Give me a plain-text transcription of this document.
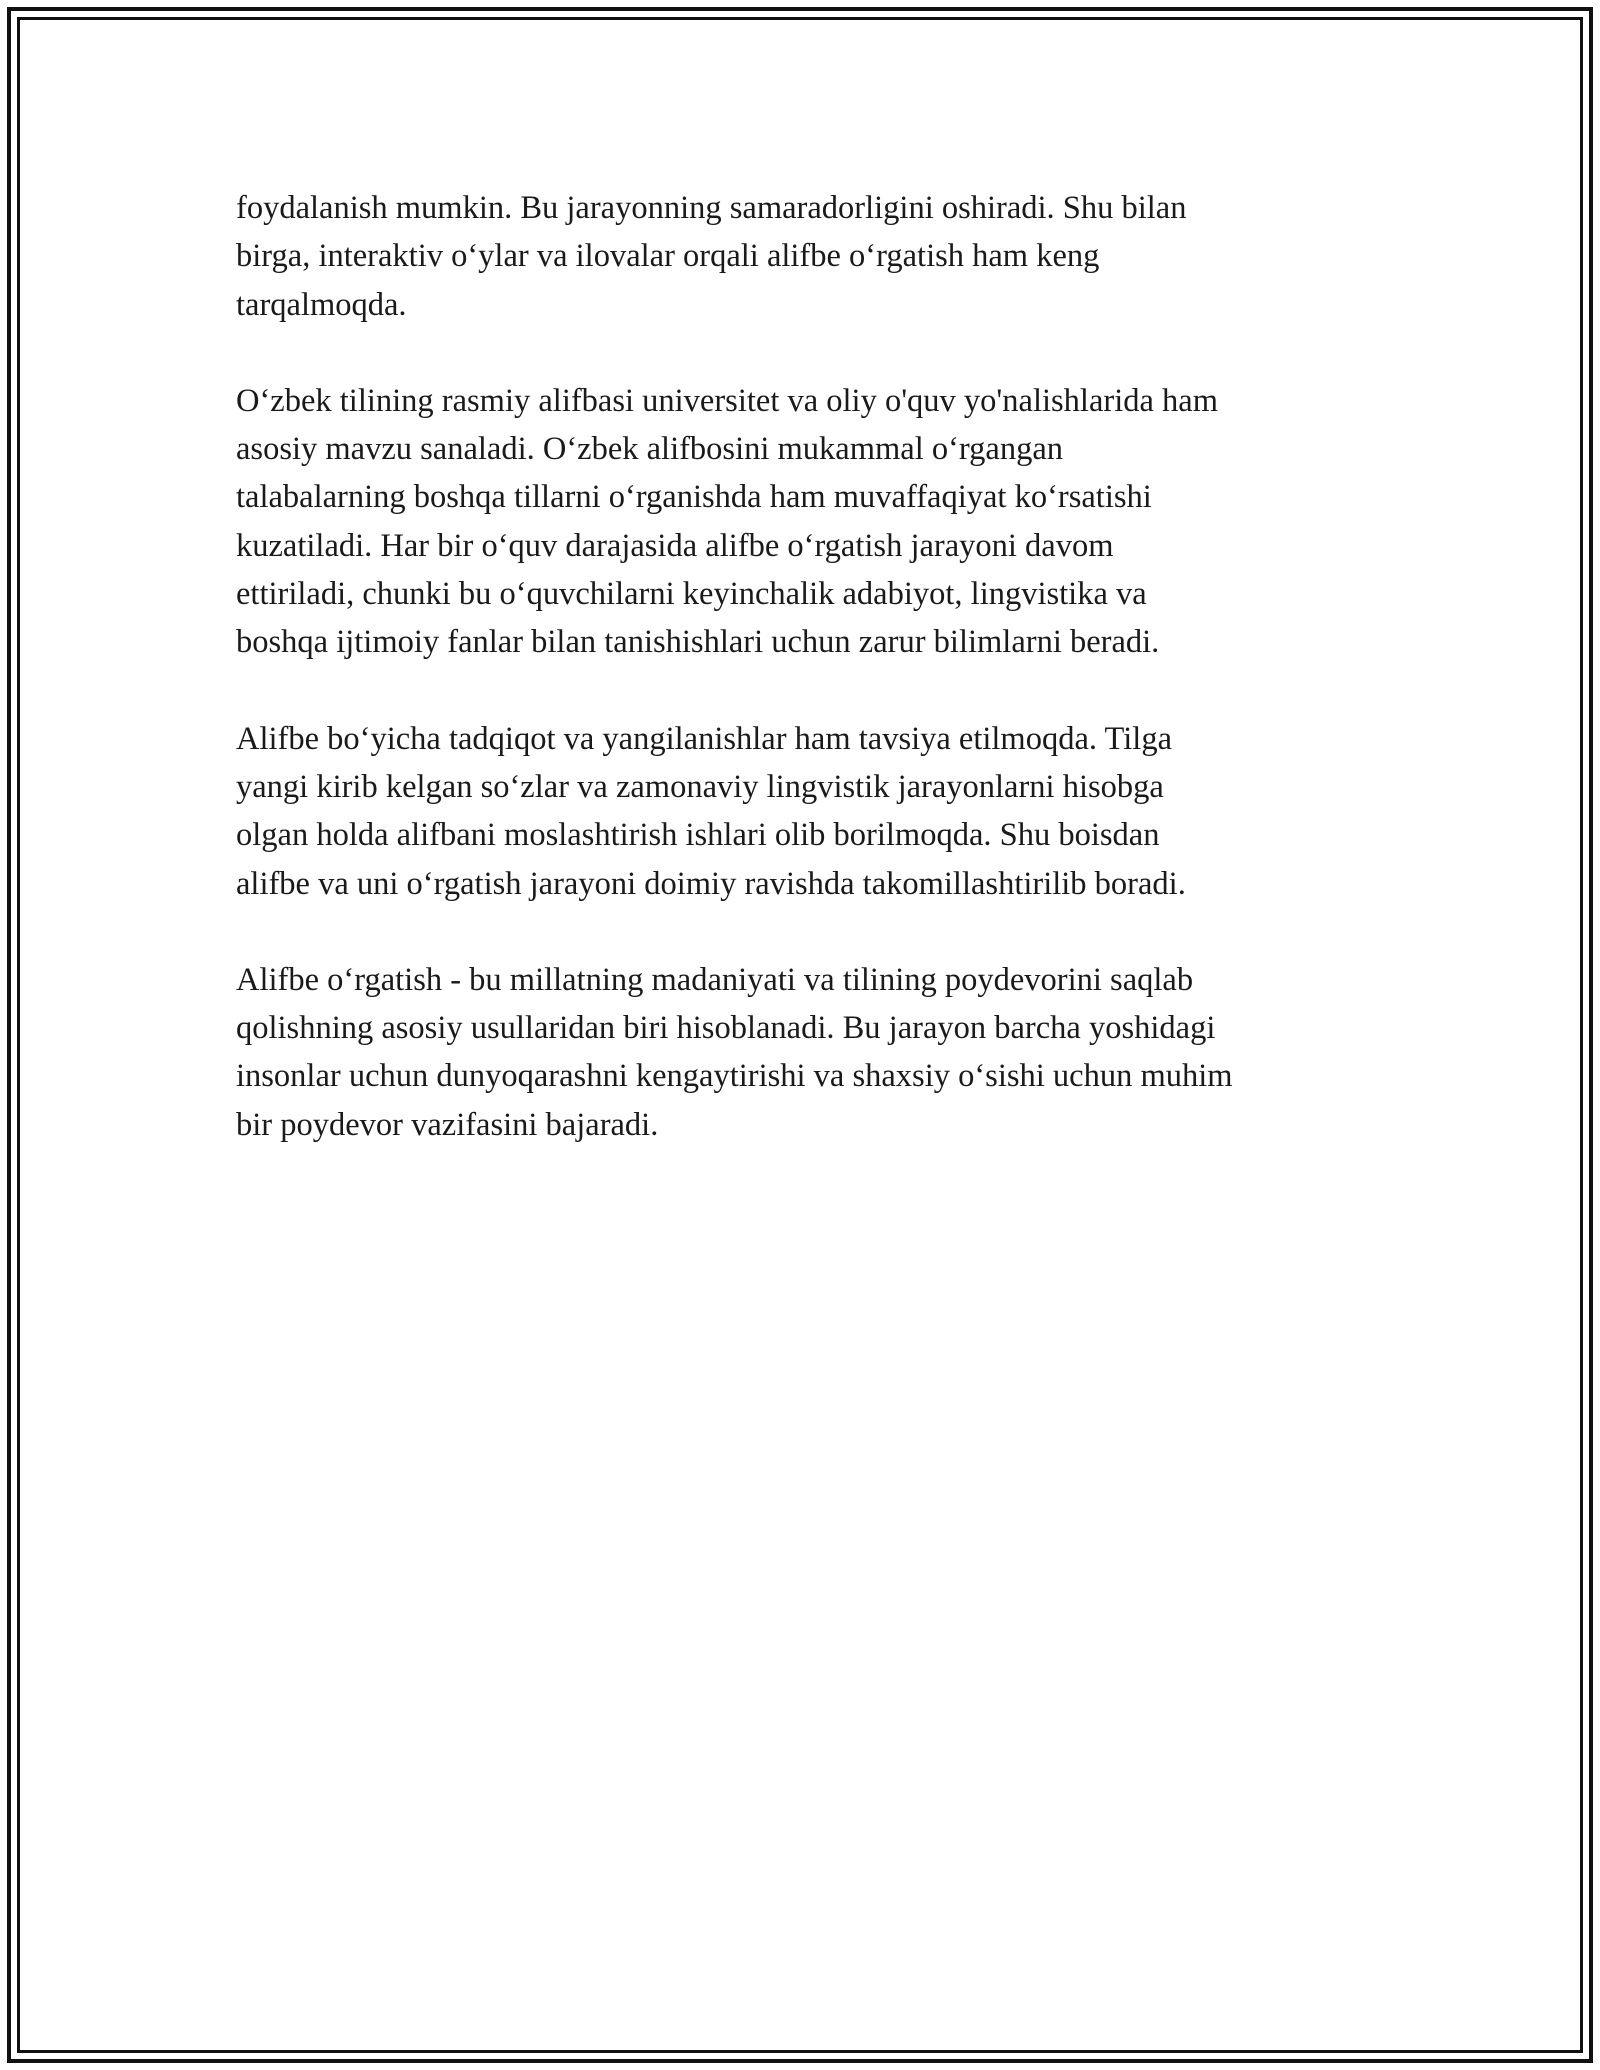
foydalanish mumkin. Bu jarayonning samaradorligini oshiradi. Shu bilan
birga, interaktiv o‘ylar va ilovalar orqali alifbe o‘rgatish ham keng
tarqalmoqda.

O‘zbek tilining rasmiy alifbasi universitet va oliy o'quv yo'nalishlarida ham
asosiy mavzu sanaladi. O‘zbek alifbosini mukammal o‘rgangan
talabalarning boshqa tillarni o‘rganishda ham muvaffaqiyat ko‘rsatishi
kuzatiladi. Har bir o‘quv darajasida alifbe o‘rgatish jarayoni davom
ettiriladi, chunki bu o‘quvchilarni keyinchalik adabiyot, lingvistika va
boshqa ijtimoiy fanlar bilan tanishishlari uchun zarur bilimlarni beradi.

Alifbe bo‘yicha tadqiqot va yangilanishlar ham tavsiya etilmoqda. Tilga
yangi kirib kelgan so‘zlar va zamonaviy lingvistik jarayonlarni hisobga
olgan holda alifbani moslashtirish ishlari olib borilmoqda. Shu boisdan
alifbe va uni o‘rgatish jarayoni doimiy ravishda takomillashtirilib boradi.

Alifbe o‘rgatish - bu millatning madaniyati va tilining poydevorini saqlab
qolishning asosiy usullaridan biri hisoblanadi. Bu jarayon barcha yoshidagi
insonlar uchun dunyoqarashni kengaytirishi va shaxsiy o‘sishi uchun muhim
bir poydevor vazifasini bajaradi.
